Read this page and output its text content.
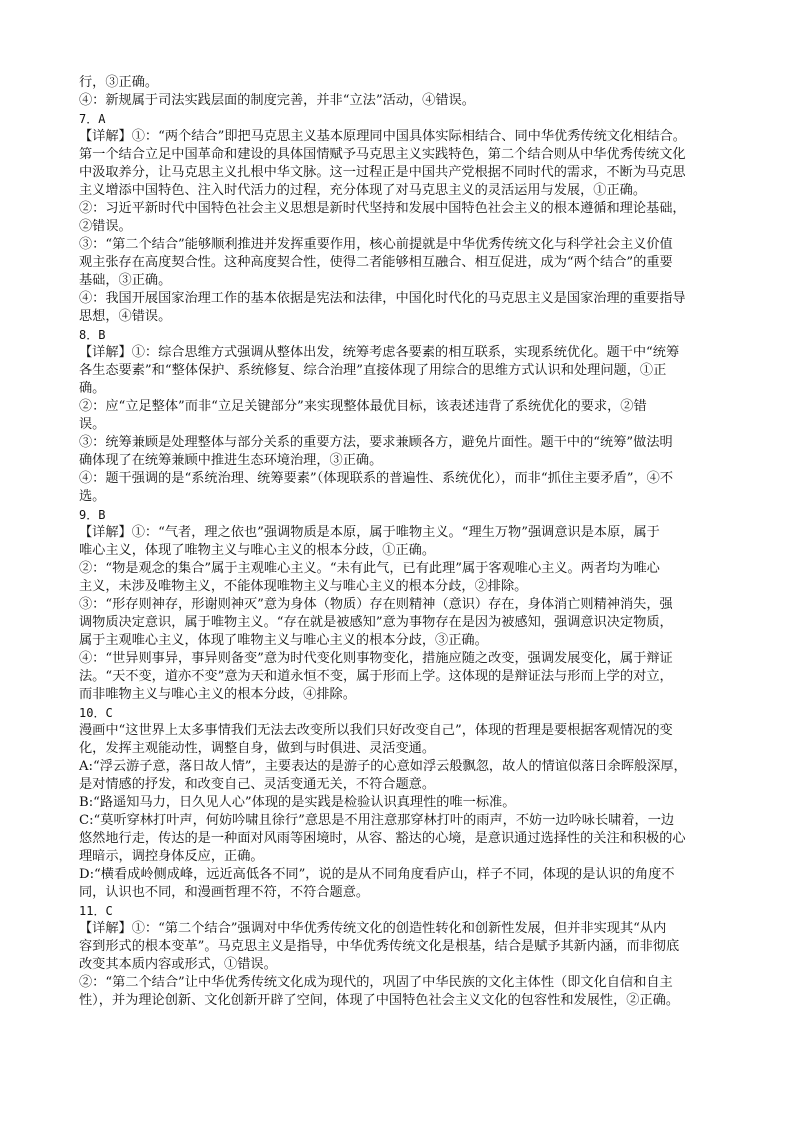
行，③正确。
④：新规属于司法实践层面的制度完善，并非“立法”活动，④错误。
7．A
【详解】①：“两个结合”即把马克思主义基本原理同中国具体实际相结合、同中华优秀传统文化相结合。
第一个结合立足中国革命和建设的具体国情赋予马克思主义实践特色，第二个结合则从中华优秀传统文化
中汲取养分，让马克思主义扎根中华文脉。这一过程正是中国共产党根据不同时代的需求，不断为马克思
主义增添中国特色、注入时代活力的过程，充分体现了对马克思主义的灵活运用与发展，①正确。
②：习近平新时代中国特色社会主义思想是新时代坚持和发展中国特色社会主义的根本遵循和理论基础，
②错误。
③：“第二个结合”能够顺利推进并发挥重要作用，核心前提就是中华优秀传统文化与科学社会主义价值
观主张存在高度契合性。这种高度契合性，使得二者能够相互融合、相互促进，成为“两个结合”的重要
基础，③正确。
④：我国开展国家治理工作的基本依据是宪法和法律，中国化时代化的马克思主义是国家治理的重要指导
思想，④错误。
8．B
【详解】①：综合思维方式强调从整体出发，统筹考虑各要素的相互联系，实现系统优化。题干中“统筹
各生态要素”和“整体保护、系统修复、综合治理”直接体现了用综合的思维方式认识和处理问题，①正
确。
②：应“立足整体”而非“立足关键部分”来实现整体最优目标，该表述违背了系统优化的要求，②错
误。
③：统筹兼顾是处理整体与部分关系的重要方法，要求兼顾各方，避免片面性。题干中的“统筹”做法明
确体现了在统筹兼顾中推进生态环境治理，③正确。
④：题干强调的是“系统治理、统筹要素”（体现联系的普遍性、系统优化），而非“抓住主要矛盾”，④不
选。
9．B
【详解】①：“气者，理之依也”强调物质是本原，属于唯物主义。“理生万物”强调意识是本原，属于
唯心主义，体现了唯物主义与唯心主义的根本分歧，①正确。
②：“物是观念的集合”属于主观唯心主义。“未有此气，已有此理”属于客观唯心主义。两者均为唯心
主义，未涉及唯物主义，不能体现唯物主义与唯心主义的根本分歧，②排除。
③：“形存则神存，形谢则神灭”意为身体（物质）存在则精神（意识）存在，身体消亡则精神消失，强
调物质决定意识，属于唯物主义。“存在就是被感知”意为事物存在是因为被感知，强调意识决定物质，
属于主观唯心主义，体现了唯物主义与唯心主义的根本分歧，③正确。
④：“世异则事异，事异则备变”意为时代变化则事物变化，措施应随之改变，强调发展变化，属于辩证
法。“天不变，道亦不变”意为天和道永恒不变，属于形而上学。这体现的是辩证法与形而上学的对立，
而非唯物主义与唯心主义的根本分歧，④排除。
10．C
漫画中“这世界上太多事情我们无法去改变所以我们只好改变自己”，体现的哲理是要根据客观情况的变
化，发挥主观能动性，调整自身，做到与时俱进、灵活变通。
A:“浮云游子意，落日故人情”，主要表达的是游子的心意如浮云般飘忽，故人的情谊似落日余晖般深厚，
是对情感的抒发，和改变自己、灵活变通无关，不符合题意。
B:“路遥知马力，日久见人心”体现的是实践是检验认识真理性的唯一标准。
C:“莫听穿林打叶声，何妨吟啸且徐行”意思是不用注意那穿林打叶的雨声，不妨一边吟咏长啸着，一边
悠然地行走，传达的是一种面对风雨等困境时，从容、豁达的心境，是意识通过选择性的关注和积极的心
理暗示，调控身体反应，正确。
D:“横看成岭侧成峰，远近高低各不同”，说的是从不同角度看庐山，样子不同，体现的是认识的角度不
同，认识也不同，和漫画哲理不符，不符合题意。
11．C
【详解】①：“第二个结合”强调对中华优秀传统文化的创造性转化和创新性发展，但并非实现其“从内
容到形式的根本变革”。马克思主义是指导，中华优秀传统文化是根基，结合是赋予其新内涵，而非彻底
改变其本质内容或形式，①错误。
②：“第二个结合”让中华优秀传统文化成为现代的，巩固了中华民族的文化主体性（即文化自信和自主
性），并为理论创新、文化创新开辟了空间，体现了中国特色社会主义文化的包容性和发展性，②正确。
